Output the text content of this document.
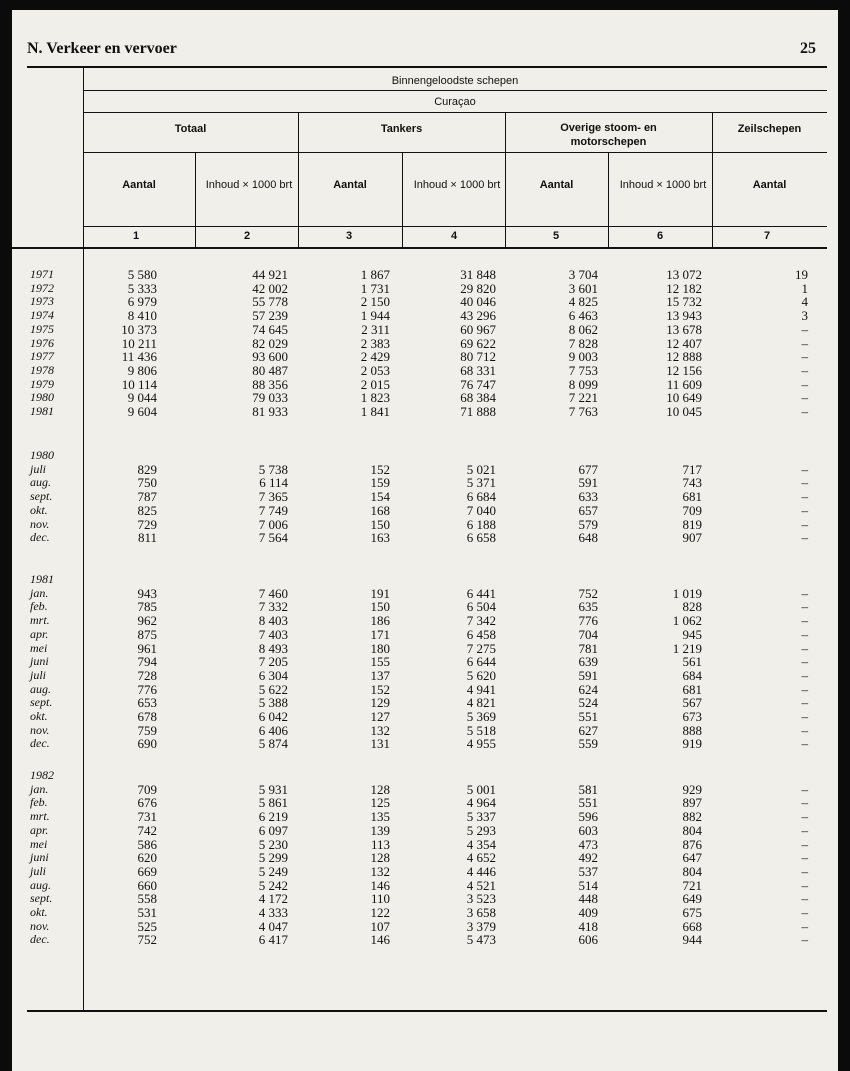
N. Verkeer en vervoer	25
Binnengeloodste schepen
Curaçao
Totaal	Tankers	Overige stoom- en motorschepen
Zeilschepen
Aantal	Inhoud × 1000 brt	Aantal	Inhoud × 1000 brt	Aantal	Inhoud × 1000 brt	Aantal
1	2	3	4	5	6	7
1971	5 580	44 921	1 867	31 848	3 704	13 072	19
1972	5 333	42 002	1 731	29 820	3 601	12 182	1
1973	6 979	55 778	2 150	40 046	4 825	15 732	4
1974	8 410	57 239	1 944	43 296	6 463	13 943	3
1975	10 373	74 645	2 311	60 967	8 062	13 678	–
1976	10 211	82 029	2 383	69 622	7 828	12 407	–
1977	11 436	93 600	2 429	80 712	9 003	12 888	–
1978	9 806	80 487	2 053	68 331	7 753	12 156	–
1979	10 114	88 356	2 015	76 747	8 099	11 609	–
1980	9 044	79 033	1 823	68 384	7 221	10 649	–
1981	9 604	81 933	1 841	71 888	7 763	10 045	–
1980
juli	829	5 738	152	5 021	677	717	–
aug.	750	6 114	159	5 371	591	743	–
sept.	787	7 365	154	6 684	633	681	–
okt.	825	7 749	168	7 040	657	709	–
nov.	729	7 006	150	6 188	579	819	–
dec.	811	7 564	163	6 658	648	907	–
1981
jan.	943	7 460	191	6 441	752	1 019	–
feb.	785	7 332	150	6 504	635	828	–
mrt.	962	8 403	186	7 342	776	1 062	–
apr.	875	7 403	171	6 458	704	945	–
mei	961	8 493	180	7 275	781	1 219	–
juni	794	7 205	155	6 644	639	561	–
juli	728	6 304	137	5 620	591	684	–
aug.	776	5 622	152	4 941	624	681	–
sept.	653	5 388	129	4 821	524	567	–
okt.	678	6 042	127	5 369	551	673	–
nov.	759	6 406	132	5 518	627	888	–
dec.	690	5 874	131	4 955	559	919	–
1982
jan.	709	5 931	128	5 001	581	929	–
feb.	676	5 861	125	4 964	551	897	–
mrt.	731	6 219	135	5 337	596	882	–
apr.	742	6 097	139	5 293	603	804	–
mei	586	5 230	113	4 354	473	876	–
juni	620	5 299	128	4 652	492	647	–
juli	669	5 249	132	4 446	537	804	–
aug.	660	5 242	146	4 521	514	721	–
sept.	558	4 172	110	3 523	448	649	–
okt.	531	4 333	122	3 658	409	675	–
nov.	525	4 047	107	3 379	418	668	–
dec.	752	6 417	146	5 473	606	944	–
